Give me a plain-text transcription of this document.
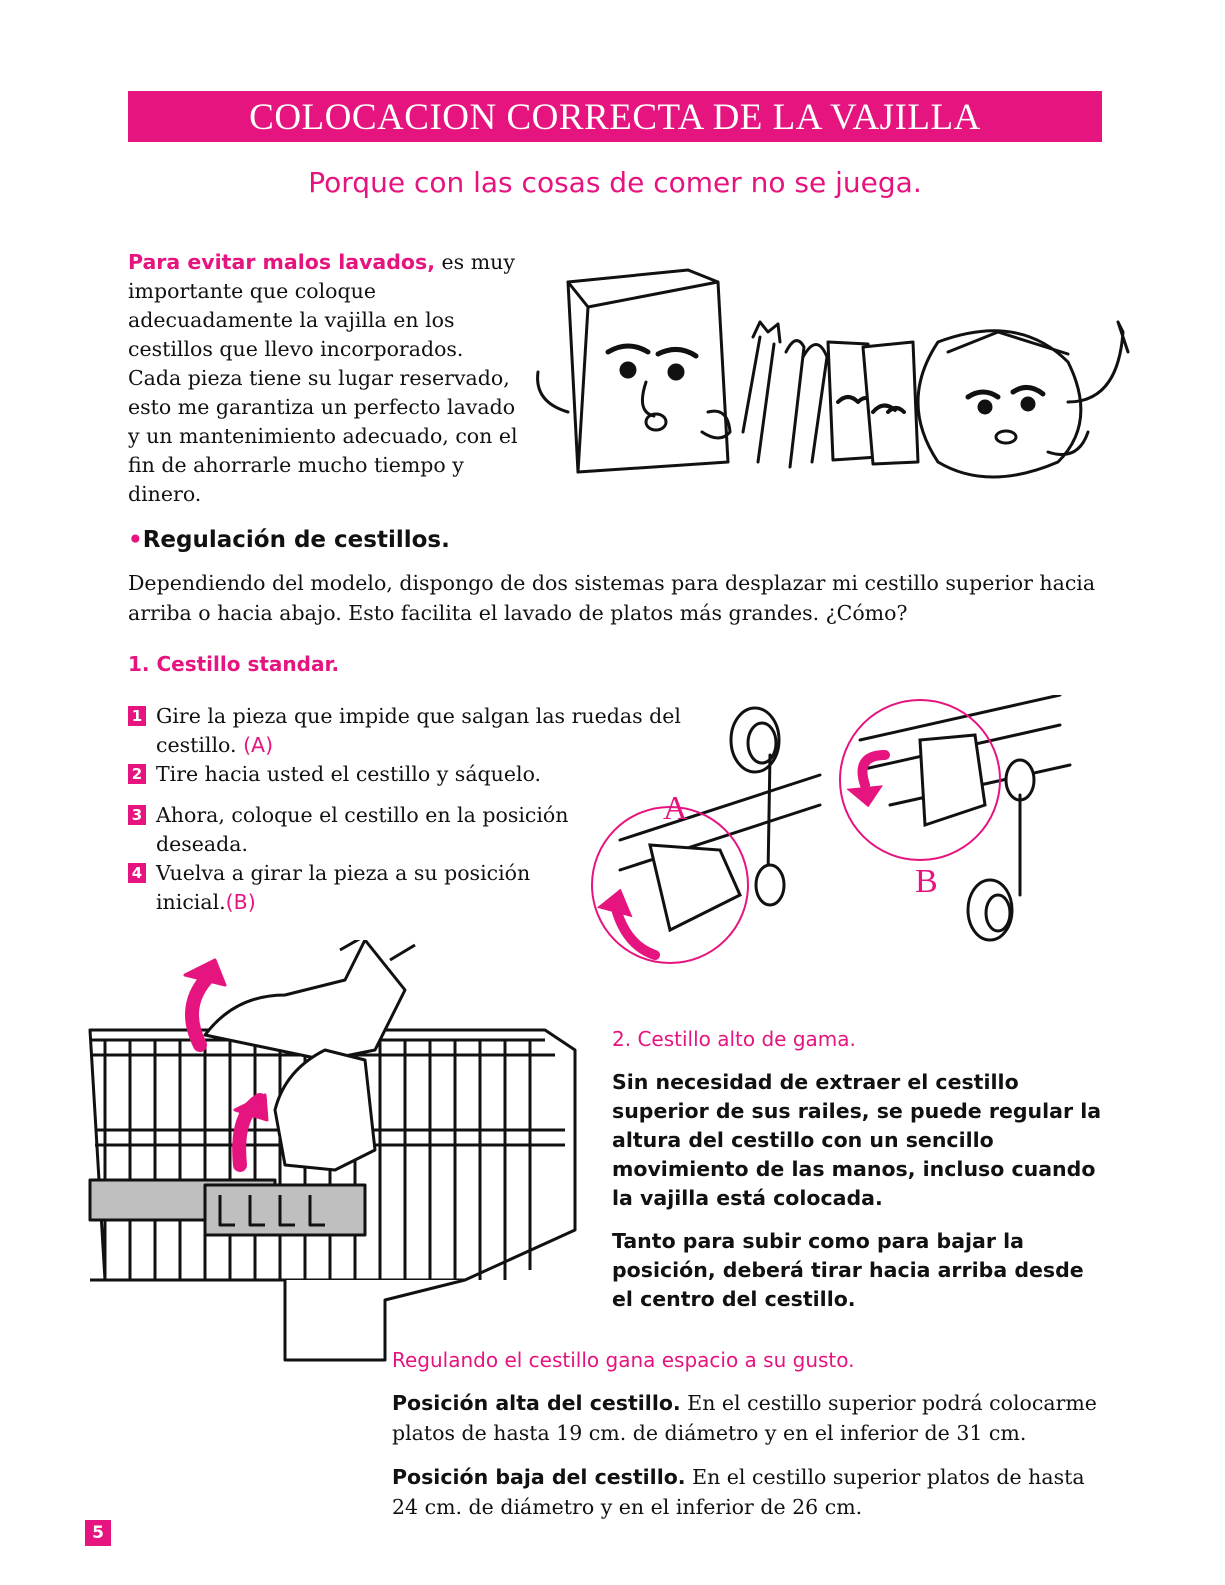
COLOCACION CORRECTA DE LA VAJILLA
Porque con las cosas de comer no se juega.
Para evitar malos lavados, es muy importante que coloque adecuadamente la vajilla en los cestillos que llevo incorporados. Cada pieza tiene su lugar reservado, esto me garantiza un perfecto lavado y un mantenimiento adecuado, con el fin de ahorrarle mucho tiempo y dinero.
•Regulación de cestillos.
Dependiendo del modelo, dispongo de dos sistemas para desplazar mi cestillo superior hacia arriba o hacia abajo. Esto facilita el lavado de platos más grandes. ¿Cómo?
1. Cestillo standar.
1 Gire la pieza que impide que salgan las ruedas del cestillo. (A)
2 Tire hacia usted el cestillo y sáquelo.
3 Ahora, coloque el cestillo en la posición deseada.
4 Vuelva a girar la pieza a su posición inicial.(B)
A
B
2. Cestillo alto de gama.

Sin necesidad de extraer el cestillo superior de sus railes, se puede regular la altura del cestillo con un sencillo movimiento de las manos, incluso cuando la vajilla está colocada.

Tanto para subir como para bajar la posición, deberá tirar hacia arriba desde el centro del cestillo.

Regulando el cestillo gana espacio a su gusto.

Posición alta del cestillo. En el cestillo superior podrá colocarme platos de hasta 19 cm. de diámetro y en el inferior de 31 cm.

Posición baja del cestillo. En el cestillo superior platos de hasta 24 cm. de diámetro y en el inferior de 26 cm.

5
